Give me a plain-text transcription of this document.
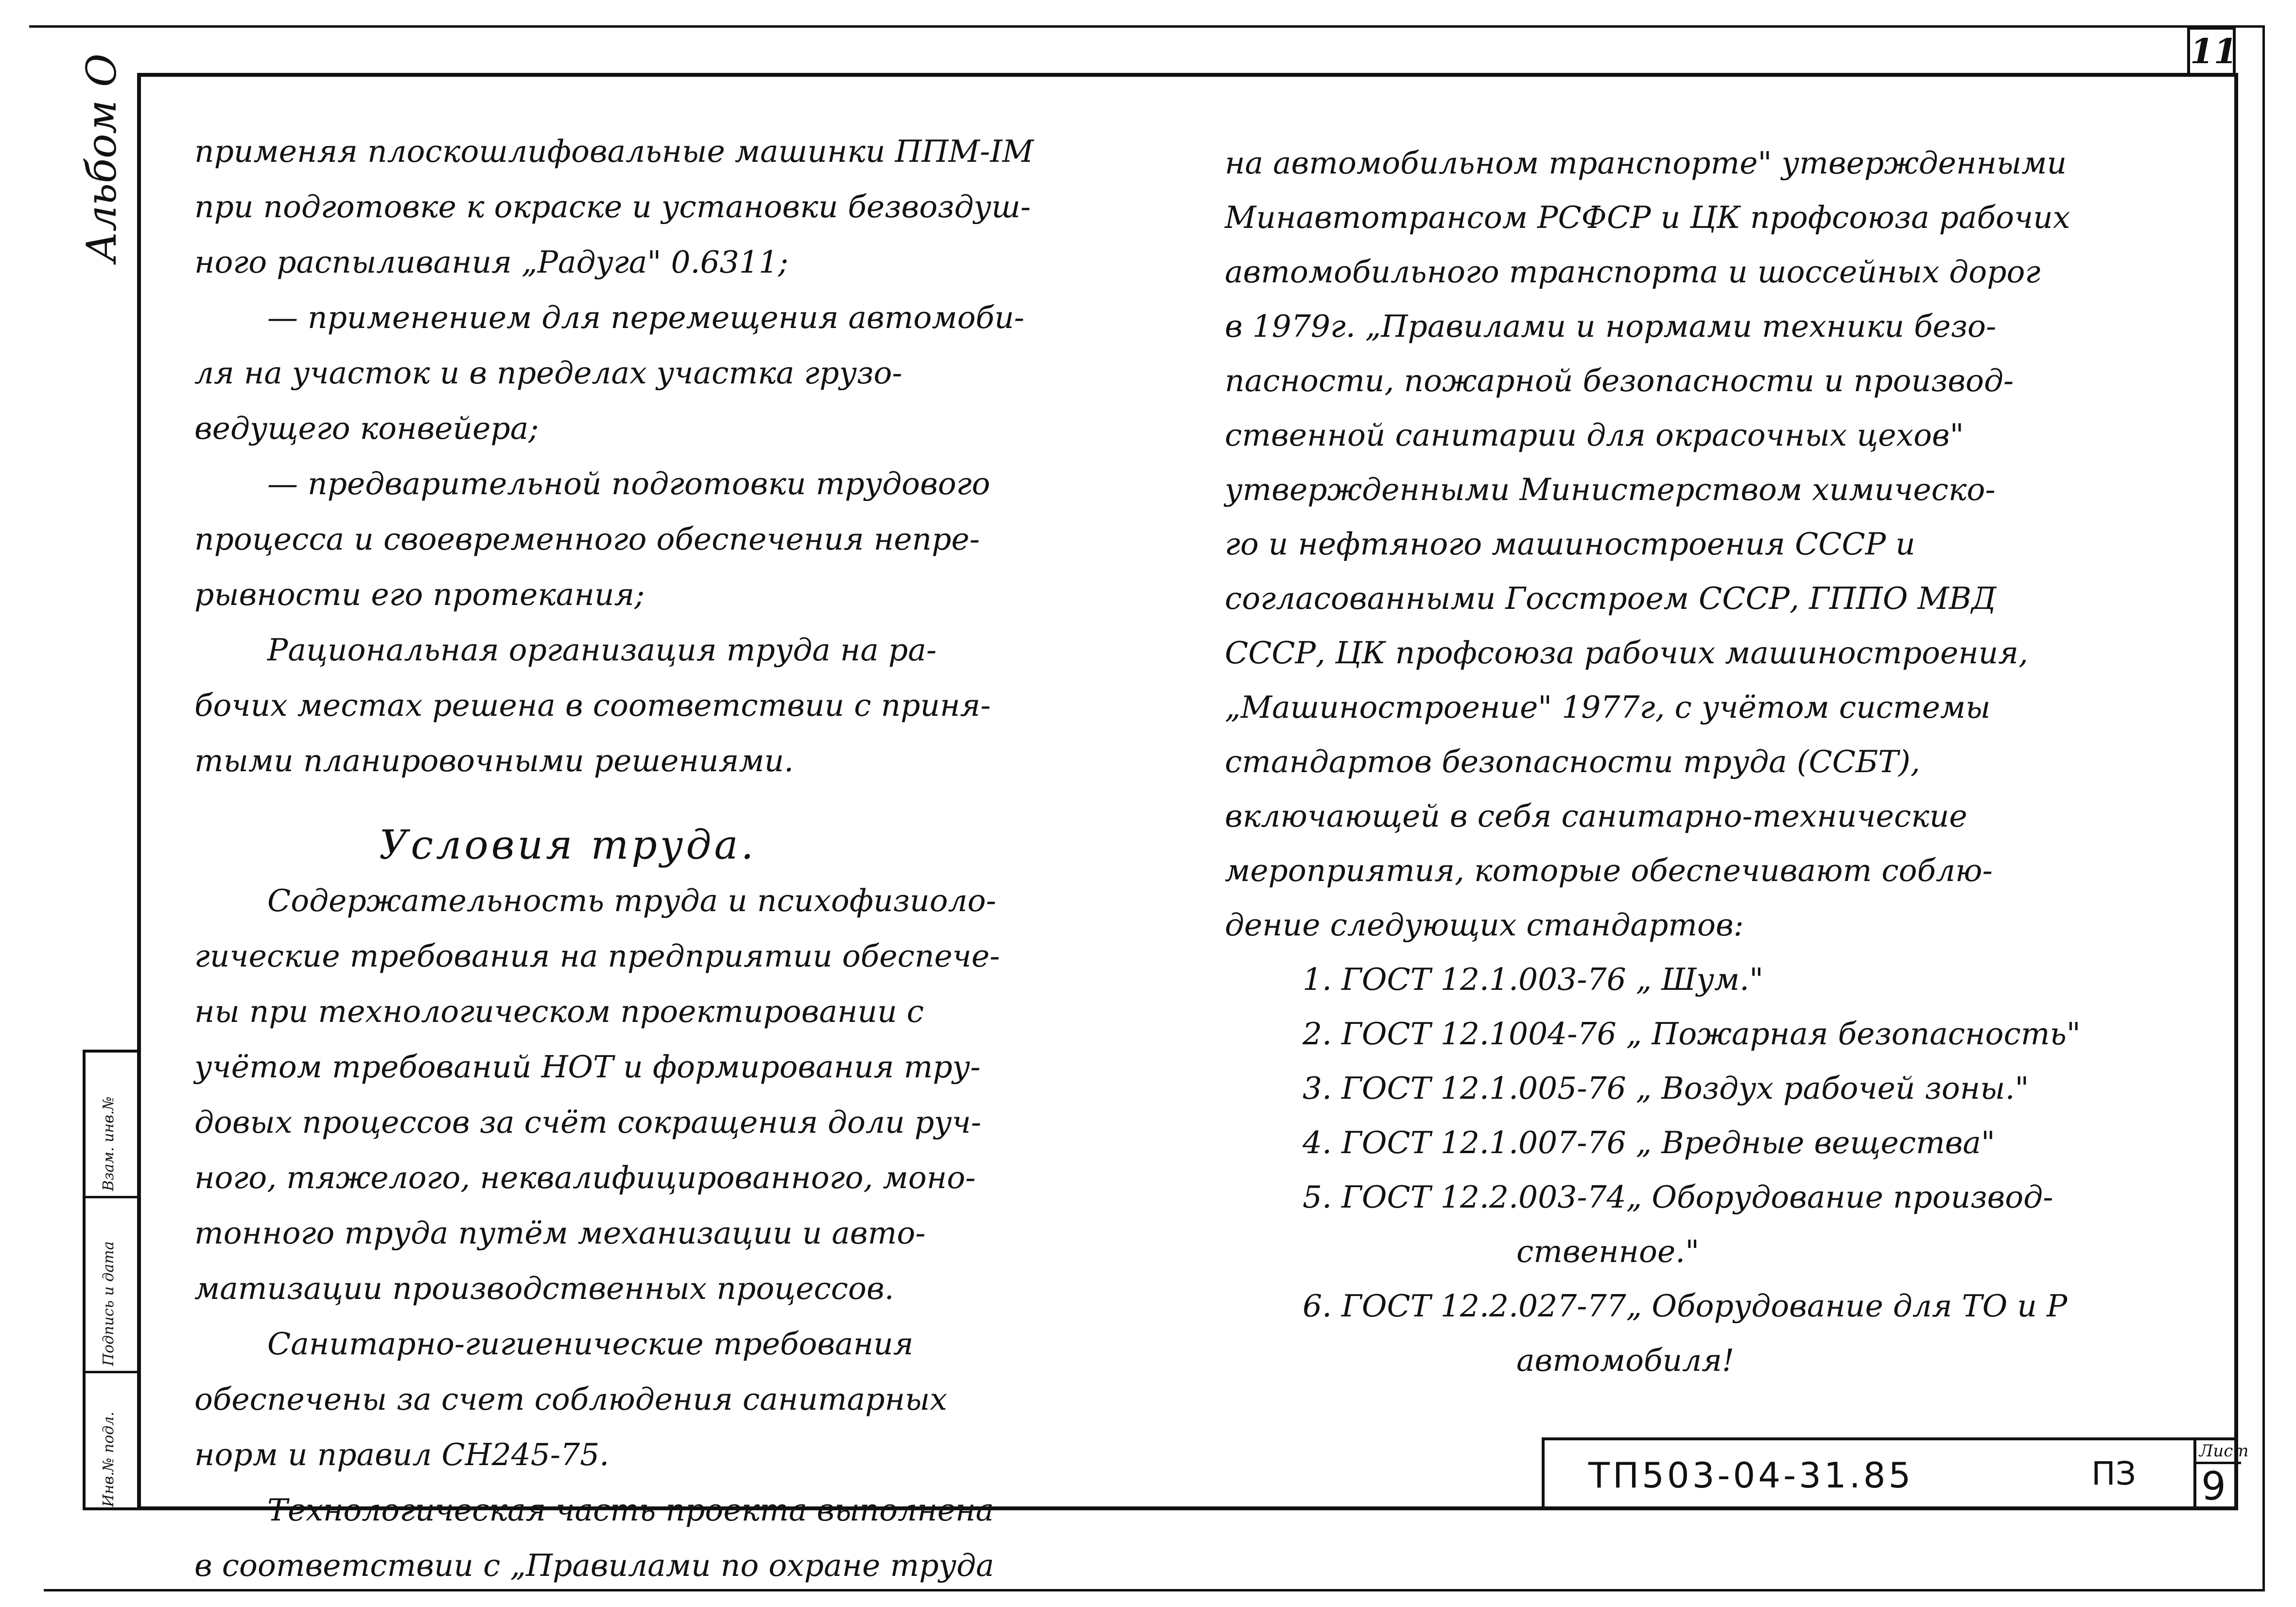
Альбом О
11
Взам. инв.№
Подпись и дата
Инв.№ подл.

применяя плоскошлифовальные машинки ППМ-IМ

при подготовке к окраске и установки безвоздуш-

ного распыливания „Радуга" 0.6311;

— применением для перемещения автомоби-

ля на участок и в пределах участка грузо-

ведущего конвейера;

— предварительной подготовки трудового

процесса и своевременного обеспечения непре-

рывности его протекания;

Рациональная организация труда на ра-

бочих местах решена в соответствии с приня-

тыми планировочными решениями.

Условия труда.

Содержательность труда и психофизиоло-

гические требования на предприятии обеспече-

ны при технологическом проектировании с

учётом требований НОТ и формирования тру-

довых процессов за счёт сокращения доли руч-

ного, тяжелого, неквалифицированного, моно-

тонного труда путём механизации и авто-

матизации производственных процессов.

Санитарно-гигиенические требования

обеспечены за счет соблюдения санитарных

норм и правил СН245-75.

Технологическая часть проекта выполнена

в соответствии с „Правилами по охране труда

на автомобильном транспорте" утвержденными

Минавтотрансом РСФСР и ЦК профсоюза рабочих

автомобильного транспорта и шоссейных дорог

в 1979г. „Правилами и нормами техники безо-

пасности, пожарной безопасности и производ-

ственной санитарии для окрасочных цехов"

утвержденными Министерством химическо-

го и нефтяного машиностроения СССР и

согласованными Госстроем СССР, ГППО МВД

СССР, ЦК профсоюза рабочих машиностроения,

„Машиностроение" 1977г, с учётом системы

стандартов безопасности труда (ССБТ),

включающей в себя санитарно-технические

мероприятия, которые обеспечивают соблю-

дение следующих стандартов:

1. ГОСТ 12.1.003-76 „ Шум."

2. ГОСТ 12.1004-76 „ Пожарная безопасность"

3. ГОСТ 12.1.005-76 „ Воздух рабочей зоны."

4. ГОСТ 12.1.007-76 „ Вредные вещества"

5. ГОСТ 12.2.003-74„ Оборудование производ-

ственное."

6. ГОСТ 12.2.027-77„ Оборудование для ТО и Р

автомобиля!

ТП503-04-31.85	ПЗ
Лист
9
